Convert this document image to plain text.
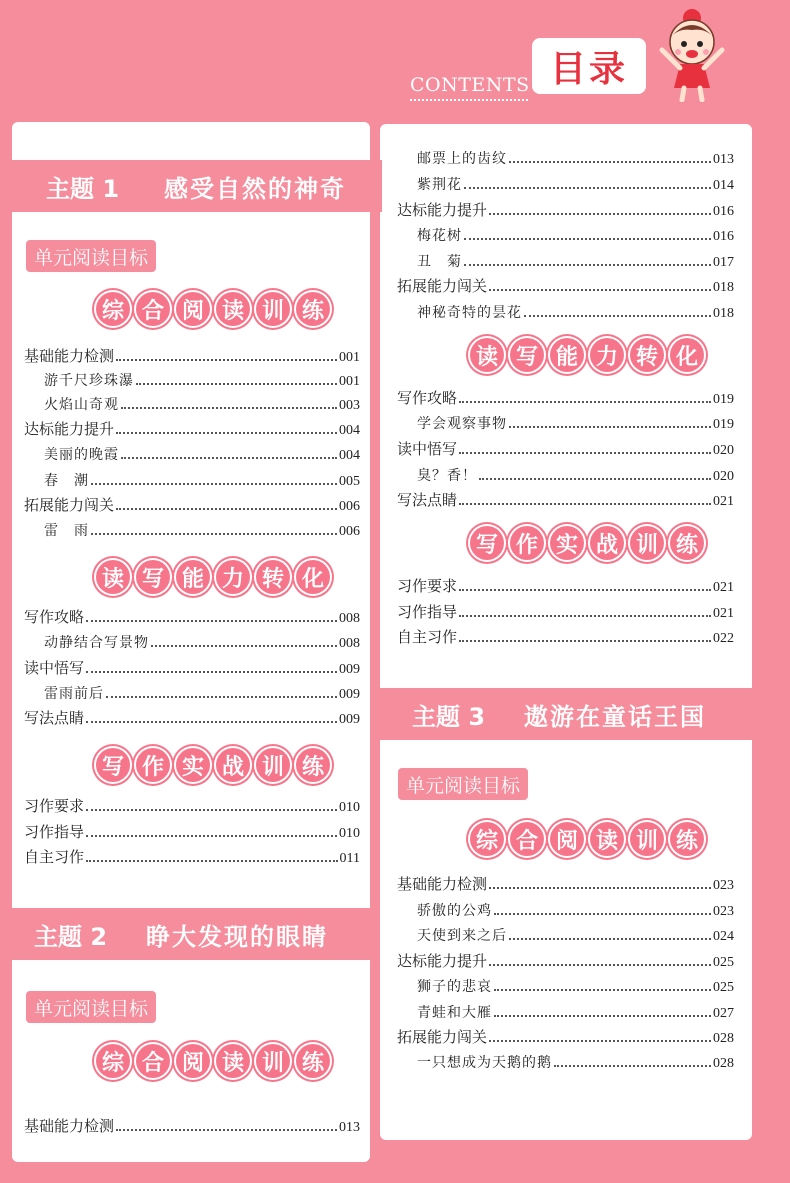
CONTENTS 目录
主题 1	感受自然的神奇
主题 2	睁大发现的眼睛
主题 3	遨游在童话王国
单元阅读目标
单元阅读目标
单元阅读目标
综 合 阅 读 训 练
读 写 能 力 转 化
写 作 实 战 训 练
综 合 阅 读 训 练
读 写 能 力 转 化
写 作 实 战 训 练
综 合 阅 读 训 练
基础能力检测	001
游千尺珍珠瀑	001
火焰山奇观	003
达标能力提升	004
美丽的晚霞	004
春　潮	005
拓展能力闯关	006
雷　雨	006
写作攻略	008
动静结合写景物	008
读中悟写	009
雷雨前后	009
写法点睛	009
习作要求	010
习作指导	010
自主习作	011
基础能力检测	013
邮票上的齿纹	013
紫荆花	014
达标能力提升	016
梅花树	016
丑　菊	017
拓展能力闯关	018
神秘奇特的昙花	018
写作攻略	019
学会观察事物	019
读中悟写	020
臭？香！	020
写法点睛	021
习作要求	021
习作指导	021
自主习作	022
基础能力检测	023
骄傲的公鸡	023
天使到来之后	024
达标能力提升	025
狮子的悲哀	025
青蛙和大雁	027
拓展能力闯关	028
一只想成为天鹅的鹅	028
